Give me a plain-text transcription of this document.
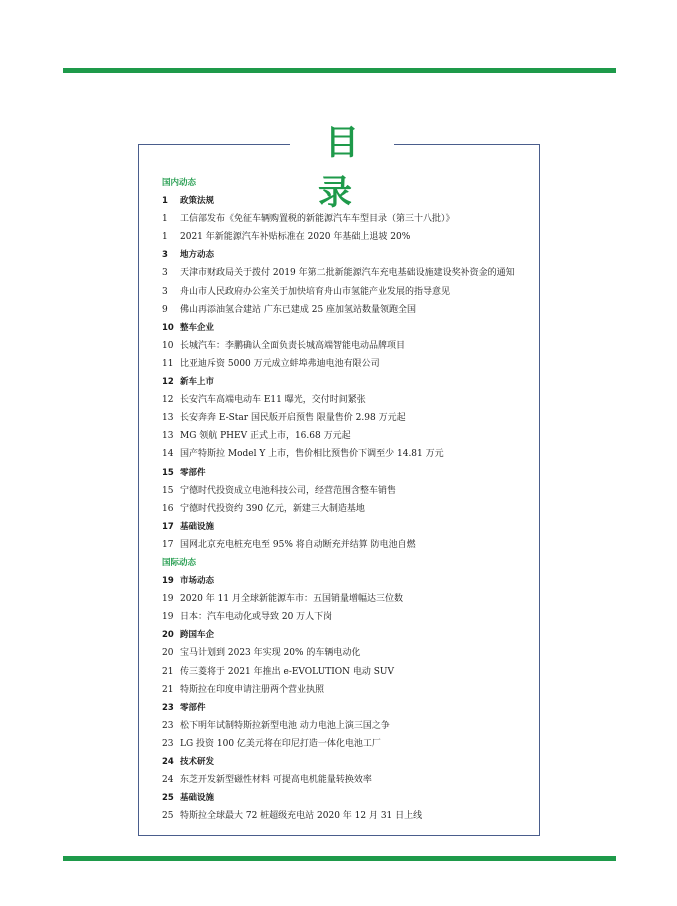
目 录
国内动态
1 政策法规
1 工信部发布《免征车辆购置税的新能源汽车车型目录（第三十八批）》
1 2021 年新能源汽车补贴标准在 2020 年基础上退坡 20%
3 地方动态
3 天津市财政局关于拨付 2019 年第二批新能源汽车充电基础设施建设奖补资金的通知
3 舟山市人民政府办公室关于加快培育舟山市氢能产业发展的指导意见
9 佛山再添油氢合建站 广东已建成 25 座加氢站数量领跑全国
10 整车企业
10 长城汽车：李鹏确认全面负责长城高端智能电动品牌项目
11 比亚迪斥资 5000 万元成立蚌埠弗迪电池有限公司
12 新车上市
12 长安汽车高端电动车 E11 曝光，交付时间紧张
13 长安奔奔 E-Star 国民版开启预售 限量售价 2.98 万元起
13 MG 领航 PHEV 正式上市，16.68 万元起
14 国产特斯拉 Model Y 上市，售价相比预售价下调至少 14.81 万元
15 零部件
15 宁德时代投资成立电池科技公司，经营范围含整车销售
16 宁德时代投资约 390 亿元，新建三大制造基地
17 基础设施
17 国网北京充电桩充电至 95% 将自动断充并结算 防电池自燃
国际动态
19 市场动态
19 2020 年 11 月全球新能源车市：五国销量增幅达三位数
19 日本：汽车电动化或导致 20 万人下岗
20 跨国车企
20 宝马计划到 2023 年实现 20% 的车辆电动化
21 传三菱将于 2021 年推出 e-EVOLUTION 电动 SUV
21 特斯拉在印度申请注册两个营业执照
23 零部件
23 松下明年试制特斯拉新型电池 动力电池上演三国之争
23 LG 投资 100 亿美元将在印尼打造一体化电池工厂
24 技术研发
24 东芝开发新型磁性材料 可提高电机能量转换效率
25 基础设施
25 特斯拉全球最大 72 桩超级充电站 2020 年 12 月 31 日上线
